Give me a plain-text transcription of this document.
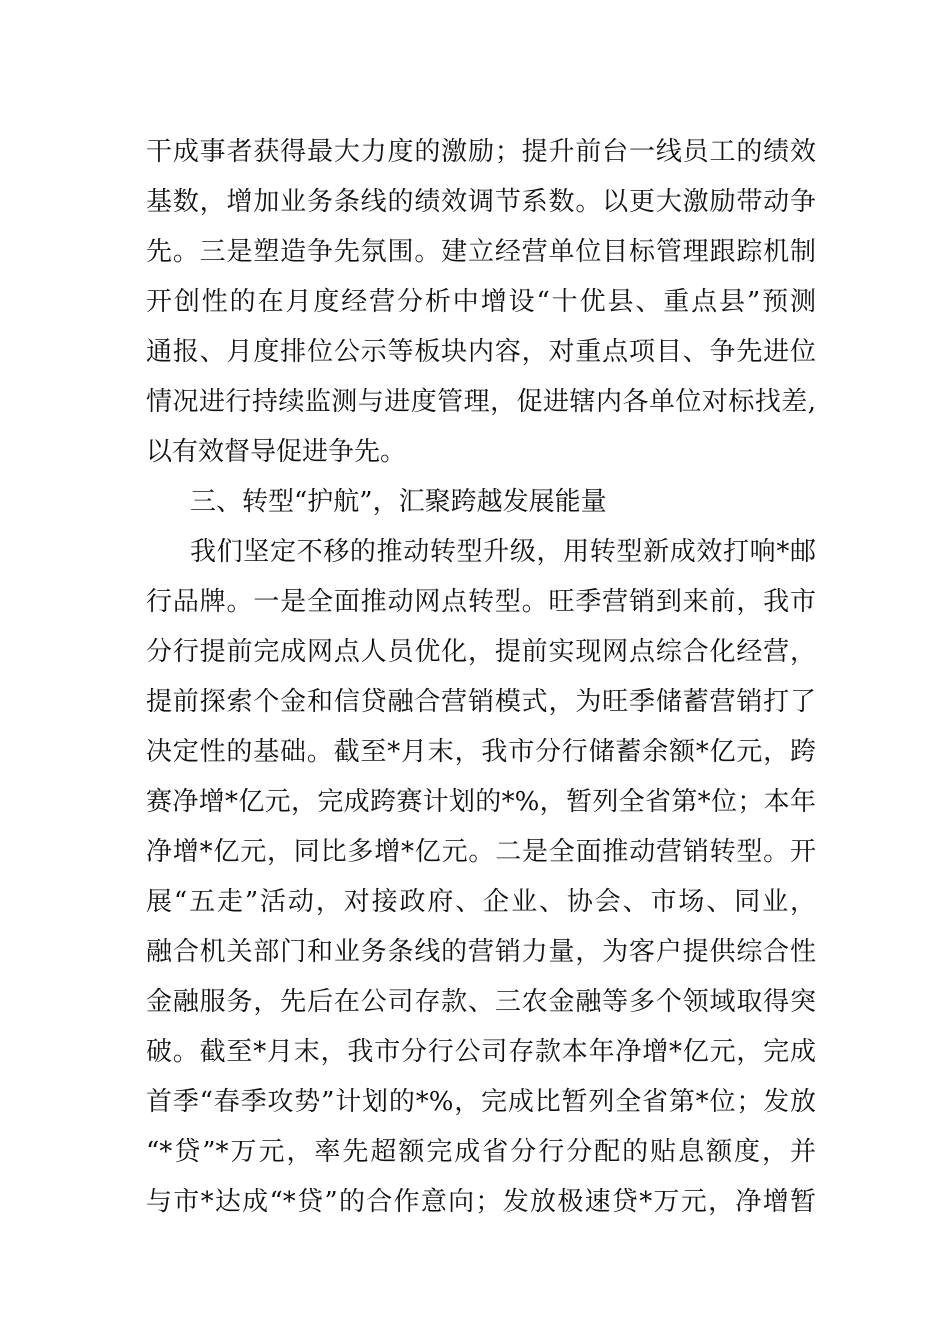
干成事者获得最大力度的激励；提升前台一线员工的绩效
基数，增加业务条线的绩效调节系数。以更大激励带动争
先。三是塑造争先氛围。建立经营单位目标管理跟踪机制
开创性的在月度经营分析中增设“十优县、重点县”预测
通报、月度排位公示等板块内容，对重点项目、争先进位
情况进行持续监测与进度管理，促进辖内各单位对标找差,
以有效督导促进争先。
三、转型“护航”，汇聚跨越发展能量
我们坚定不移的推动转型升级，用转型新成效打响*邮
行品牌。一是全面推动网点转型。旺季营销到来前，我市
分行提前完成网点人员优化，提前实现网点综合化经营，
提前探索个金和信贷融合营销模式，为旺季储蓄营销打了
决定性的基础。截至*月末，我市分行储蓄余额*亿元，跨
赛净增*亿元，完成跨赛计划的*%，暂列全省第*位；本年
净增*亿元，同比多增*亿元。二是全面推动营销转型。开
展“五走”活动，对接政府、企业、协会、市场、同业，
融合机关部门和业务条线的营销力量，为客户提供综合性
金融服务，先后在公司存款、三农金融等多个领域取得突
破。截至*月末，我市分行公司存款本年净增*亿元，完成
首季“春季攻势”计划的*%，完成比暂列全省第*位；发放
“*贷”*万元，率先超额完成省分行分配的贴息额度，并
与市*达成“*贷”的合作意向；发放极速贷*万元，净增暂
